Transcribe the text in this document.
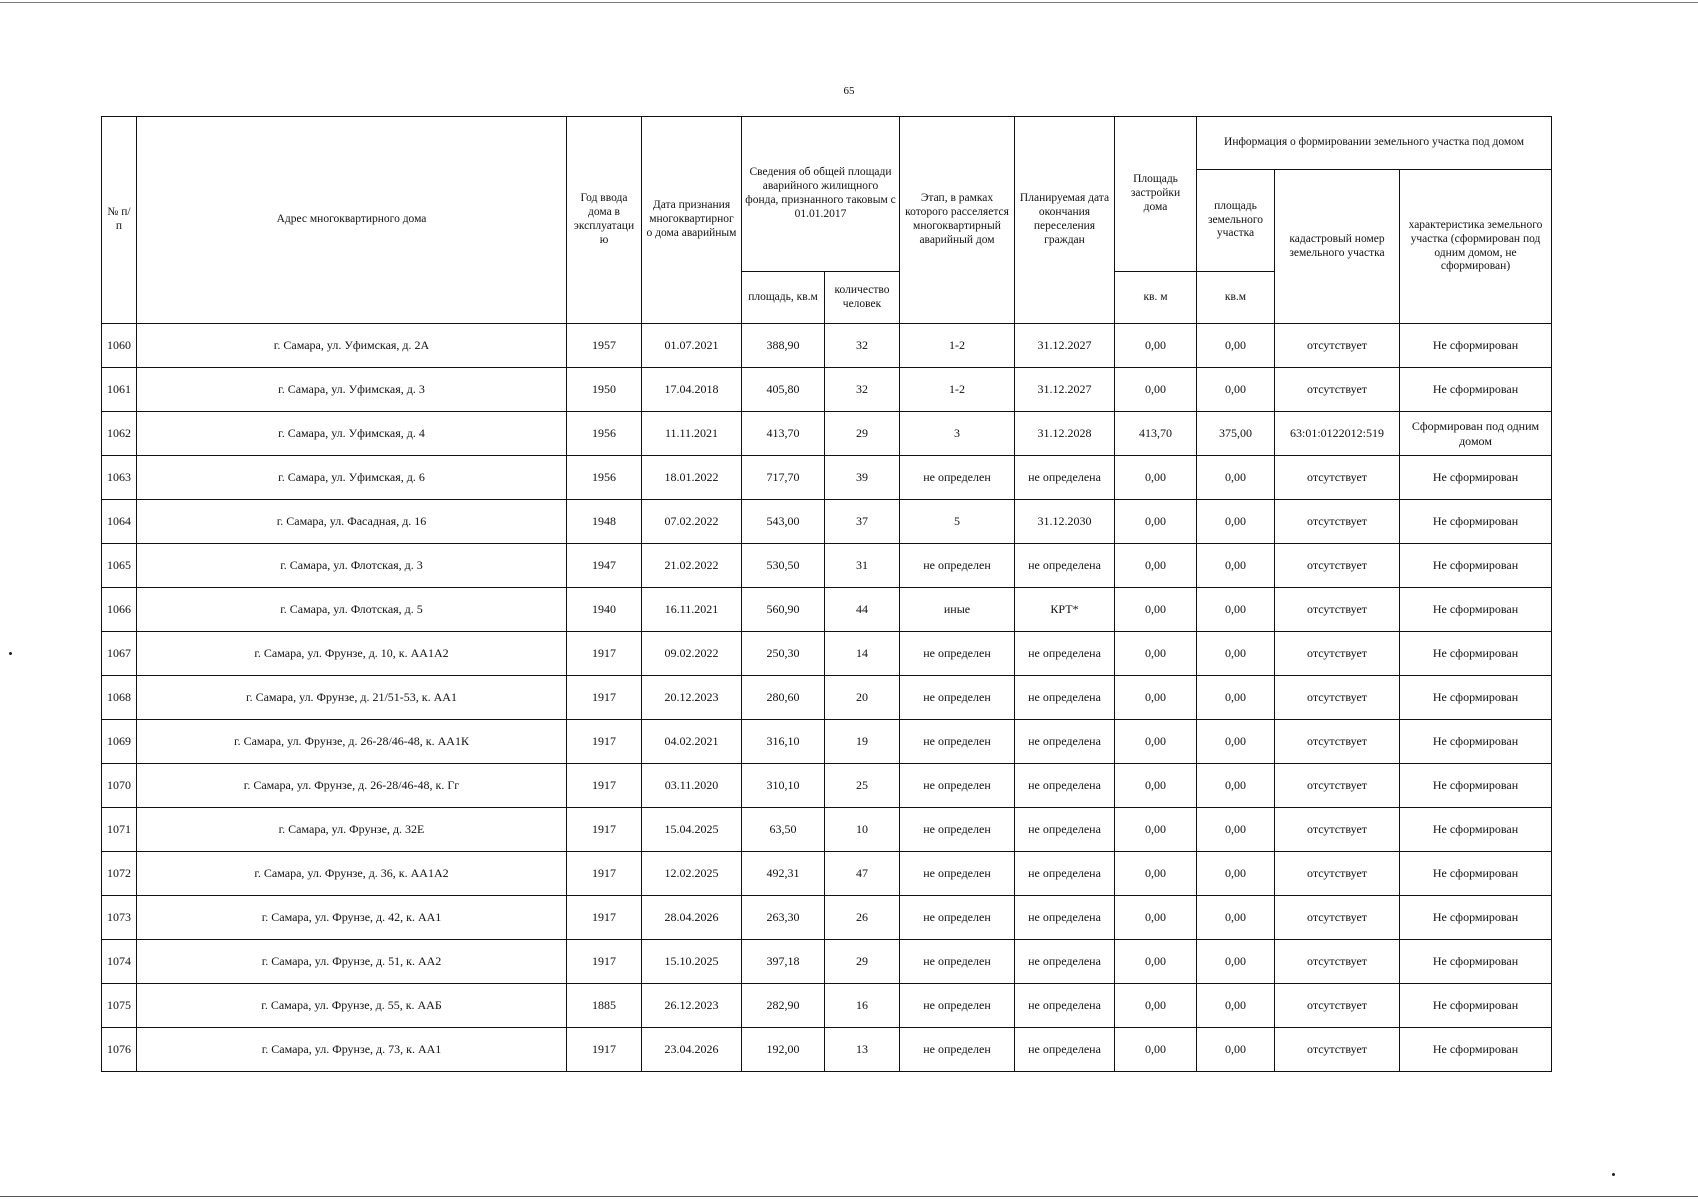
65
№ п/п	Адрес многоквартирного дома	Год ввода дома в эксплуатаци ю	Дата признания многоквартирног о дома аварийным	Сведения об общей площади аварийного жилищного фонда, признанного таковым с 01.01.2017		Этап, в рамках которого расселяется многоквартирный аварийный дом	Планируемая дата окончания переселения граждан	Площадь застройки дома	Информация о формировании земельного участка под домом		
									площадь земельного участка	кадастровый номер земельного участка	характеристика земельного участка (сформирован под одним домом, не сформирован)
				площадь, кв.м	количество человек			кв. м	кв.м		
1060	г. Самара, ул. Уфимская, д. 2А	1957	01.07.2021	388,90	32	1-2	31.12.2027	0,00	0,00	отсутствует	Не сформирован
1061	г. Самара, ул. Уфимская, д. 3	1950	17.04.2018	405,80	32	1-2	31.12.2027	0,00	0,00	отсутствует	Не сформирован
1062	г. Самара, ул. Уфимская, д. 4	1956	11.11.2021	413,70	29	3	31.12.2028	413,70	375,00	63:01:0122012:519	Сформирован под одним домом
1063	г. Самара, ул. Уфимская, д. 6	1956	18.01.2022	717,70	39	не определен	не определена	0,00	0,00	отсутствует	Не сформирован
1064	г. Самара, ул. Фасадная, д. 16	1948	07.02.2022	543,00	37	5	31.12.2030	0,00	0,00	отсутствует	Не сформирован
1065	г. Самара, ул. Флотская, д. 3	1947	21.02.2022	530,50	31	не определен	не определена	0,00	0,00	отсутствует	Не сформирован
1066	г. Самара, ул. Флотская, д. 5	1940	16.11.2021	560,90	44	иные	КРТ*	0,00	0,00	отсутствует	Не сформирован
1067	г. Самара, ул. Фрунзе, д. 10, к. АА1А2	1917	09.02.2022	250,30	14	не определен	не определена	0,00	0,00	отсутствует	Не сформирован
1068	г. Самара, ул. Фрунзе, д. 21/51-53, к. АА1	1917	20.12.2023	280,60	20	не определен	не определена	0,00	0,00	отсутствует	Не сформирован
1069	г. Самара, ул. Фрунзе, д. 26-28/46-48, к. АА1К	1917	04.02.2021	316,10	19	не определен	не определена	0,00	0,00	отсутствует	Не сформирован
1070	г. Самара, ул. Фрунзе, д. 26-28/46-48, к. Гг	1917	03.11.2020	310,10	25	не определен	не определена	0,00	0,00	отсутствует	Не сформирован
1071	г. Самара, ул. Фрунзе, д. 32Е	1917	15.04.2025	63,50	10	не определен	не определена	0,00	0,00	отсутствует	Не сформирован
1072	г. Самара, ул. Фрунзе, д. 36, к. АА1А2	1917	12.02.2025	492,31	47	не определен	не определена	0,00	0,00	отсутствует	Не сформирован
1073	г. Самара, ул. Фрунзе, д. 42, к. АА1	1917	28.04.2026	263,30	26	не определен	не определена	0,00	0,00	отсутствует	Не сформирован
1074	г. Самара, ул. Фрунзе, д. 51, к. АА2	1917	15.10.2025	397,18	29	не определен	не определена	0,00	0,00	отсутствует	Не сформирован
1075	г. Самара, ул. Фрунзе, д. 55, к. ААБ	1885	26.12.2023	282,90	16	не определен	не определена	0,00	0,00	отсутствует	Не сформирован
1076	г. Самара, ул. Фрунзе, д. 73, к. АА1	1917	23.04.2026	192,00	13	не определен	не определена	0,00	0,00	отсутствует	Не сформирован
